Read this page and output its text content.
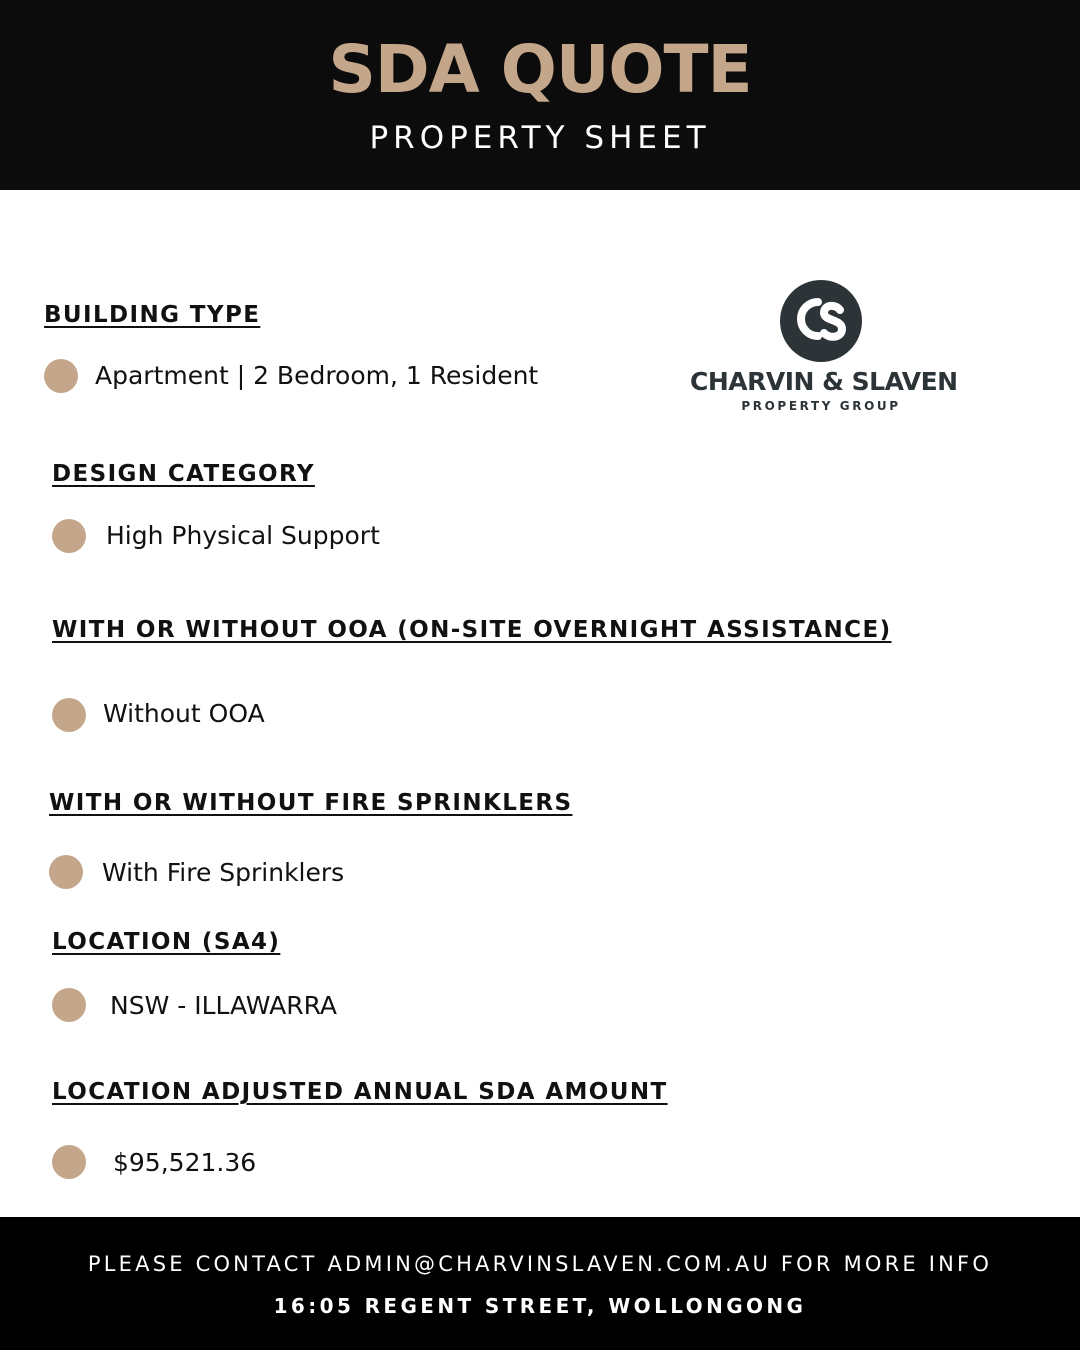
SDA QUOTE
PROPERTY SHEET
CHARVIN & SLAVEN
PROPERTY GROUP
BUILDING TYPE
Apartment | 2 Bedroom, 1 Resident
DESIGN CATEGORY
High Physical Support
WITH OR WITHOUT OOA (ON-SITE OVERNIGHT ASSISTANCE)
Without OOA
WITH OR WITHOUT FIRE SPRINKLERS
With Fire Sprinklers
LOCATION (SA4)
NSW - ILLAWARRA
LOCATION ADJUSTED ANNUAL SDA AMOUNT
$95,521.36
PLEASE CONTACT ADMIN@CHARVINSLAVEN.COM.AU FOR MORE INFO
16:05 REGENT STREET, WOLLONGONG
